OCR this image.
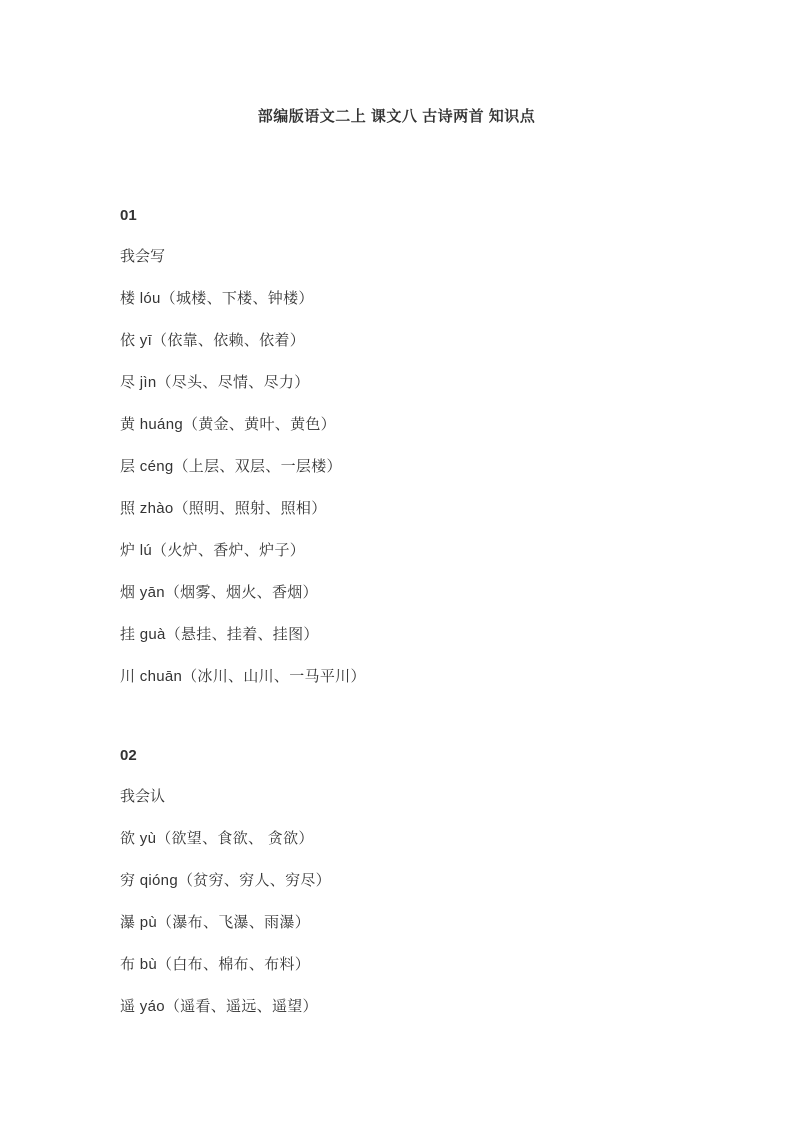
部编版语文二上 课文八 古诗两首 知识点
01
我会写

楼 lóu（城楼、下楼、钟楼）

依 yī（依靠、依赖、依着）

尽 jìn（尽头、尽情、尽力）

黄 huáng（黄金、黄叶、黄色）

层 céng（上层、双层、一层楼）

照 zhào（照明、照射、照相）

炉 lú（火炉、香炉、炉子）

烟 yān（烟雾、烟火、香烟）

挂 guà（悬挂、挂着、挂图）

川 chuān（冰川、山川、一马平川）

02
我会认

欲 yù（欲望、食欲、 贪欲）

穷 qióng（贫穷、穷人、穷尽）

瀑 pù（瀑布、飞瀑、雨瀑）

布 bù（白布、棉布、布料）

遥 yáo（遥看、遥远、遥望）
